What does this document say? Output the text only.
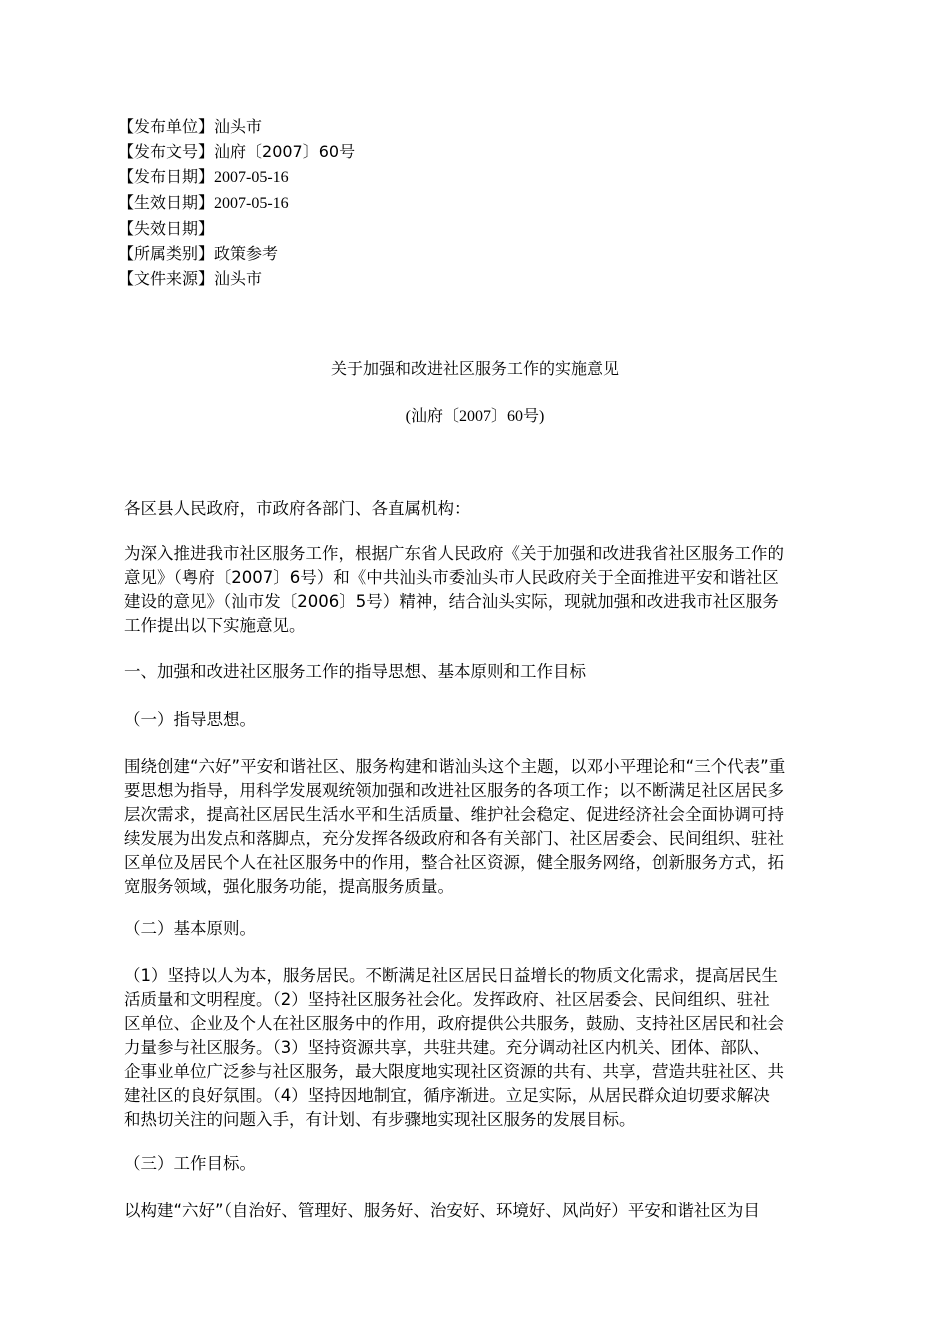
【发布单位】汕头市
【发布文号】汕府〔2007〕60号
【发布日期】2007-05-16
【生效日期】2007-05-16
【失效日期】
【所属类别】政策参考
【文件来源】汕头市
关于加强和改进社区服务工作的实施意见
(汕府〔2007〕60号)
各区县人民政府，市政府各部门、各直属机构：
为深入推进我市社区服务工作，根据广东省人民政府《关于加强和改进我省社区服务工作的
意见》（粤府〔2007〕6号）和《中共汕头市委汕头市人民政府关于全面推进平安和谐社区
建设的意见》（汕市发〔2006〕5号）精神，结合汕头实际，现就加强和改进我市社区服务
工作提出以下实施意见。
一、加强和改进社区服务工作的指导思想、基本原则和工作目标
（一）指导思想。
围绕创建“六好”平安和谐社区、服务构建和谐汕头这个主题，以邓小平理论和“三个代表”重
要思想为指导，用科学发展观统领加强和改进社区服务的各项工作；以不断满足社区居民多
层次需求，提高社区居民生活水平和生活质量、维护社会稳定、促进经济社会全面协调可持
续发展为出发点和落脚点，充分发挥各级政府和各有关部门、社区居委会、民间组织、驻社
区单位及居民个人在社区服务中的作用，整合社区资源，健全服务网络，创新服务方式，拓
宽服务领域，强化服务功能，提高服务质量。
（二）基本原则。
（1）坚持以人为本，服务居民。不断满足社区居民日益增长的物质文化需求，提高居民生
活质量和文明程度。（2）坚持社区服务社会化。发挥政府、社区居委会、民间组织、驻社
区单位、企业及个人在社区服务中的作用，政府提供公共服务，鼓励、支持社区居民和社会
力量参与社区服务。（3）坚持资源共享，共驻共建。充分调动社区内机关、团体、部队、
企事业单位广泛参与社区服务，最大限度地实现社区资源的共有、共享，营造共驻社区、共
建社区的良好氛围。（4）坚持因地制宜，循序渐进。立足实际，从居民群众迫切要求解决
和热切关注的问题入手，有计划、有步骤地实现社区服务的发展目标。
（三）工作目标。
以构建“六好”（自治好、管理好、服务好、治安好、环境好、风尚好）平安和谐社区为目
